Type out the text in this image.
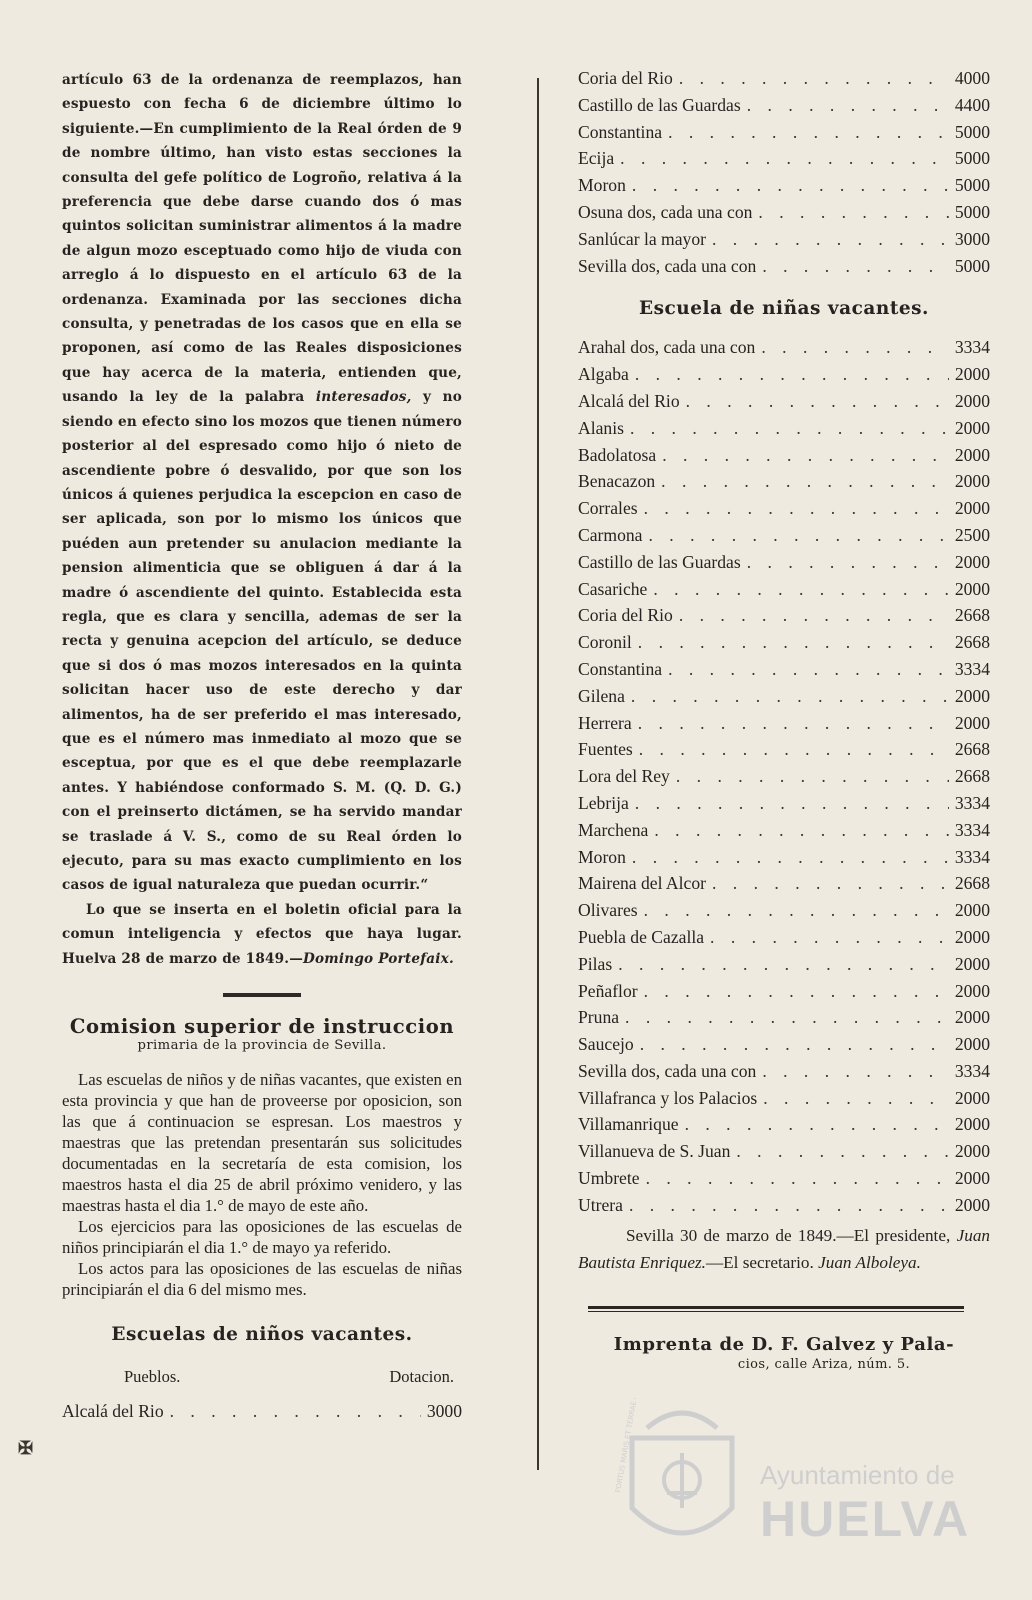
artículo 63 de la ordenanza de reemplazos, han espuesto con fecha 6 de diciembre último lo siguiente.—En cumplimiento de la Real órden de 9 de nombre último, han visto estas secciones la consulta del gefe político de Logroño, relativa á la preferencia que debe darse cuando dos ó mas quintos solicitan suministrar alimentos á la madre de algun mozo esceptuado como hijo de viuda con arreglo á lo dispuesto en el artículo 63 de la ordenanza. Examinada por las secciones dicha consulta, y penetradas de los casos que en ella se proponen, así como de las Reales disposiciones que hay acerca de la materia, entienden que, usando la ley de la palabra interesados, y no siendo en efecto sino los mozos que tienen número posterior al del espresado como hijo ó nieto de ascendiente pobre ó desvalido, por que son los únicos á quienes perjudica la escepcion en caso de ser aplicada, son por lo mismo los únicos que puéden aun pretender su anulacion mediante la pension alimenticia que se obliguen á dar á la madre ó ascendiente del quinto. Establecida esta regla, que es clara y sencilla, ademas de ser la recta y genuina acepcion del artículo, se deduce que si dos ó mas mozos interesados en la quinta solicitan hacer uso de este derecho y dar alimentos, ha de ser preferido el mas interesado, que es el número mas inmediato al mozo que se esceptua, por que es el que debe reemplazarle antes. Y habiéndose conformado S. M. (Q. D. G.) con el preinserto dictámen, se ha servido mandar se traslade á V. S., como de su Real órden lo ejecuto, para su mas exacto cumplimiento en los casos de igual naturaleza que puedan ocurrir.“

Lo que se inserta en el boletin oficial para la comun inteligencia y efectos que haya lugar. Huelva 28 de marzo de 1849.—Domingo Portefaix.

Comision superior de instruccion

primaria de la provincia de Sevilla.

Las escuelas de niños y de niñas vacantes, que existen en esta provincia y que han de proveerse por oposicion, son las que á continuacion se espresan. Los maestros y maestras que las pretendan presentarán sus solicitudes documentadas en la secretaría de esta comision, los maestros hasta el dia 25 de abril próximo venidero, y las maestras hasta el dia 1.° de mayo de este año.

Los ejercicios para las oposiciones de las escuelas de niños principiarán el dia 1.° de mayo ya referido.

Los actos para las oposiciones de las escuelas de niñas principiarán el dia 6 del mismo mes.

Escuelas de niños vacantes.

Pueblos.	Dotacion.
Alcalá del Rio . . .	3000
✠
Coria del Rio . . .	4000
Castillo de las Guardas . . .	4400
Constantina . . .	5000
Ecija . . .	5000
Moron . . .	5000
Osuna dos, cada una con . . .	5000
Sanlúcar la mayor . . .	3000
Sevilla dos, cada una con . . .	5000

Escuela de niñas vacantes.

Arahal dos, cada una con . . .	3334
Algaba . . .	2000
Alcalá del Rio . . .	2000
Alanis . . .	2000
Badolatosa . . .	2000
Benacazon . . .	2000
Corrales . . .	2000
Carmona . . .	2500
Castillo de las Guardas . . .	2000
Casariche . . .	2000
Coria del Rio . . .	2668
Coronil . . .	2668
Constantina . . .	3334
Gilena . . .	2000
Herrera . . .	2000
Fuentes . . .	2668
Lora del Rey . . .	2668
Lebrija . . .	3334
Marchena . . .	3334
Moron . . .	3334
Mairena del Alcor . . .	2668
Olivares . . .	2000
Puebla de Cazalla . . .	2000
Pilas . . .	2000
Peñaflor . . .	2000
Pruna . . .	2000
Saucejo . . .	2000
Sevilla dos, cada una con . . .	3334
Villafranca y los Palacios . . .	2000
Villamanrique . . .	2000
Villanueva de S. Juan . . .	2000
Umbrete . . .	2000
Utrera . . .	2000

Sevilla 30 de marzo de 1849.—El presidente, Juan Bautista Enriquez.—El secretario. Juan Alboleya.

Imprenta de D. F. Galvez y Pala-

cios, calle Ariza, núm. 5.

PORTUS MARIS ET TERRAE CUSTODIA	Ayuntamiento de
HUELVA
